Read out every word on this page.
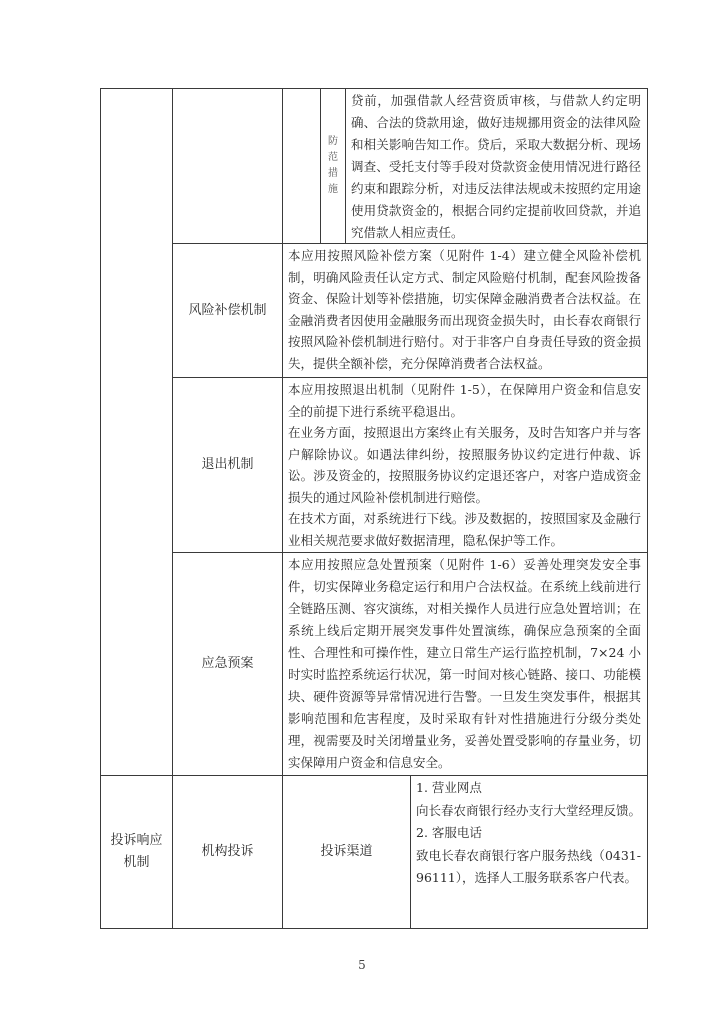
防
范
措
施
贷前，加强借款人经营资质审核，与借款人约定明确、合法的贷款用途，做好违规挪用资金的法律风险和相关影响告知工作。贷后，采取大数据分析、现场调查、受托支付等手段对贷款资金使用情况进行路径约束和跟踪分析，对违反法律法规或未按照约定用途使用贷款资金的，根据合同约定提前收回贷款，并追究借款人相应责任。
风险补偿机制
本应用按照风险补偿方案（见附件 1-4）建立健全风险补偿机制，明确风险责任认定方式、制定风险赔付机制，配套风险拨备资金、保险计划等补偿措施，切实保障金融消费者合法权益。在金融消费者因使用金融服务而出现资金损失时，由长春农商银行按照风险补偿机制进行赔付。对于非客户自身责任导致的资金损失，提供全额补偿，充分保障消费者合法权益。
退出机制

本应用按照退出机制（见附件 1-5），在保障用户资金和信息安全的前提下进行系统平稳退出。

在业务方面，按照退出方案终止有关服务，及时告知客户并与客户解除协议。如遇法律纠纷，按照服务协议约定进行仲裁、诉讼。涉及资金的，按照服务协议约定退还客户，对客户造成资金损失的通过风险补偿机制进行赔偿。

在技术方面，对系统进行下线。涉及数据的，按照国家及金融行业相关规范要求做好数据清理，隐私保护等工作。

应急预案
本应用按照应急处置预案（见附件 1-6）妥善处理突发安全事件，切实保障业务稳定运行和用户合法权益。在系统上线前进行全链路压测、容灾演练，对相关操作人员进行应急处置培训；在系统上线后定期开展突发事件处置演练，确保应急预案的全面性、合理性和可操作性，建立日常生产运行监控机制，7×24 小时实时监控系统运行状况，第一时间对核心链路、接口、功能模块、硬件资源等异常情况进行告警。一旦发生突发事件，根据其影响范围和危害程度，及时采取有针对性措施进行分级分类处理，视需要及时关闭增量业务，妥善处置受影响的存量业务，切实保障用户资金和信息安全。
投诉响应
机制
机构投诉	投诉渠道

1. 营业网点

向长春农商银行经办支行大堂经理反馈。

2. 客服电话

致电长春农商银行客户服务热线（0431-96111），选择人工服务联系客户代表。

5
